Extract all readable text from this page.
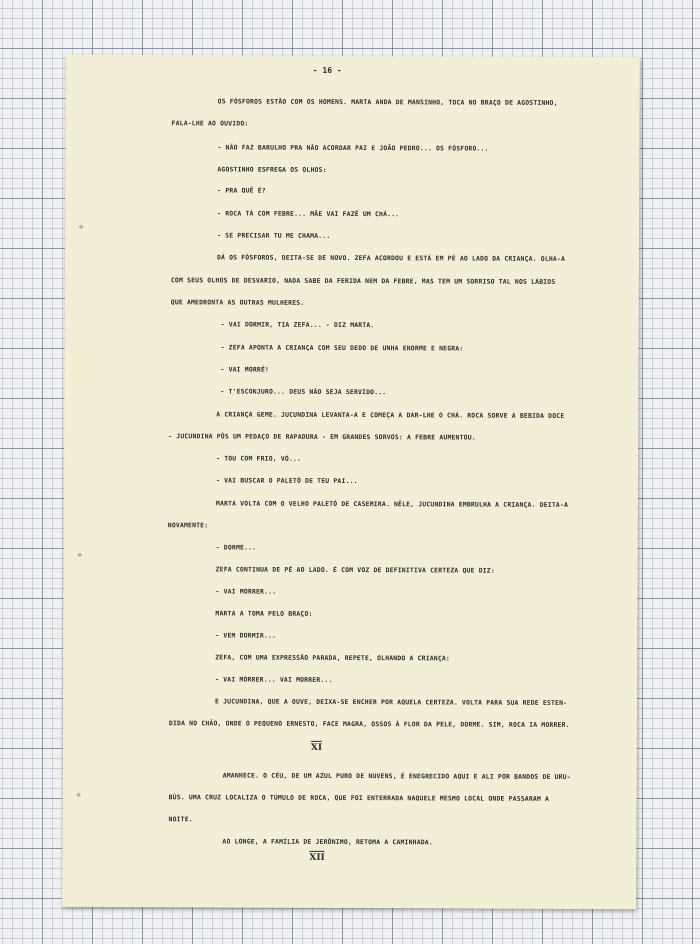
- 16 -
OS FÓSFOROS ESTÃO COM OS HOMENS. MARTA ANDA DE MANSINHO, TOCA NO BRAÇO DE AGOSTINHO,
FALA-LHE AO OUVIDO:
- NÃO FAZ BARULHO PRA NÃO ACORDAR PAI E JOÃO PEDRO... OS FÓSFORO...
AGOSTINHO ESFREGA OS OLHOS:
- PRA QUÊ É?
- ROCA TÁ COM FEBRE... MÃE VAI FAZÊ UM CHÁ...
- SE PRECISAR TU ME CHAMA...
DÁ OS FÓSFOROS, DEITA-SE DE NOVO. ZEFA ACORDOU E ESTÁ EM PÉ AO LADO DA CRIANÇA. OLHA-A
COM SEUS OLHOS DE DESVARIO, NADA SABE DA FERIDA NEM DA FEBRE, MAS TEM UM SORRISO TAL NOS LÁBIOS
QUE AMEDRONTA AS OUTRAS MULHERES.
- VAI DORMIR, TIA ZEFA... - DIZ MARTA.
- ZEFA APONTA A CRIANÇA COM SEU DEDO DE UNHA ENORME E NEGRA:
- VAI MORRÊ!
- T'ESCONJURO... DEUS NÃO SEJA SERVIDO...
A CRIANÇA GEME. JUCUNDINA LEVANTA-A E COMEÇA A DAR-LHE O CHÁ. ROCA SORVE A BEBIDA DOCE
- JUCUNDINA PÔS UM PEDAÇO DE RAPADURA - EM GRANDES SORVOS: A FEBRE AUMENTOU.
- TOU COM FRIO, VÓ...
- VAI BUSCAR O PALETÓ DE TEU PAI...
MARTA VOLTA COM O VELHO PALETÓ DE CASEMIRA. NÊLE, JUCUNDINA EMBRULHA A CRIANÇA. DEITA-A
NOVAMENTE:
- DORME...
ZEFA CONTINUA DE PÉ AO LADO. É COM VOZ DE DEFINITIVA CERTEZA QUE DIZ:
- VAI MORRER...
MARTA A TOMA PELO BRAÇO:
- VEM DORMIR...
ZEFA, COM UMA EXPRESSÃO PARADA, REPETE, OLHANDO A CRIANÇA:
- VAI MORRER... VAI MORRER...
E JUCUNDINA, QUE A OUVE, DEIXA-SE ENCHER POR AQUELA CERTEZA. VOLTA PARA SUA REDE ESTEN-
DIDA NO CHÃO, ONDE O PEQUENO ERNESTO, FACE MAGRA, OSSOS À FLOR DA PELE, DORME. SIM, ROCA IA MORRER.
XI
AMANHECE. O CÉU, DE UM AZUL PURO DE NUVENS, É ENEGRECIDO AQUI E ALI POR BANDOS DE URU-
BÚS. UMA CRUZ LOCALIZA O TÚMULO DE ROCA, QUE FOI ENTERRADA NAQUELE MESMO LOCAL ONDE PASSARAM A
NOITE.
AO LONGE, A FAMÍLIA DE JERÔNIMO, RETOMA A CAMINHADA.
XII
